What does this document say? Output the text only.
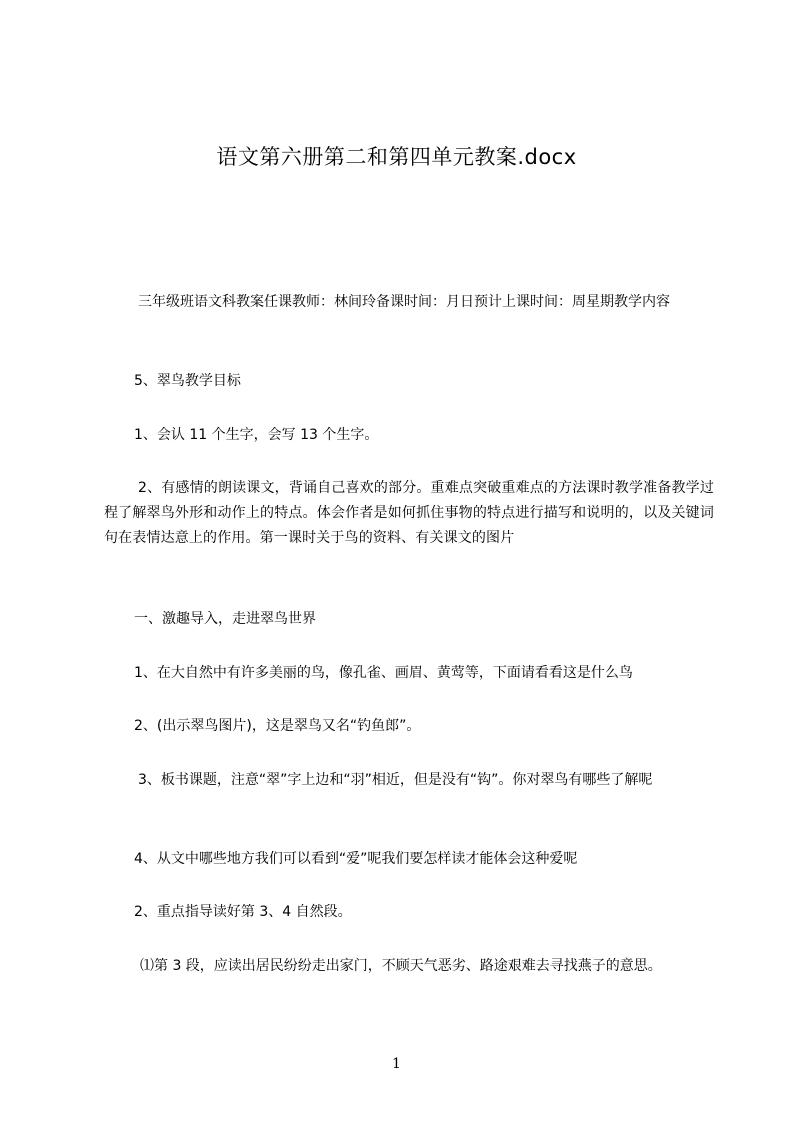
语文第六册第二和第四单元教案.docx
三年级班语文科教案任课教师：林间玲备课时间：月日预计上课时间：周星期教学内容
5、翠鸟教学目标
1、会认 11 个生字，会写 13 个生字。
2、有感情的朗读课文，背诵自己喜欢的部分。重难点突破重难点的方法课时教学准备教学过程了解翠鸟外形和动作上的特点。体会作者是如何抓住事物的特点进行描写和说明的，以及关键词句在表情达意上的作用。第一课时关于鸟的资料、有关课文的图片
一、激趣导入，走进翠鸟世界
1、在大自然中有许多美丽的鸟，像孔雀、画眉、黄莺等，下面请看看这是什么鸟
2、(出示翠鸟图片)，这是翠鸟又名“钓鱼郎”。
3、板书课题，注意“翠”字上边和“羽”相近，但是没有“钩”。你对翠鸟有哪些了解呢
4、从文中哪些地方我们可以看到“爱”呢我们要怎样读才能体会这种爱呢
2、重点指导读好第 3、4 自然段。
⑴第 3 段，应读出居民纷纷走出家门，不顾天气恶劣、路途艰难去寻找燕子的意思。
1
